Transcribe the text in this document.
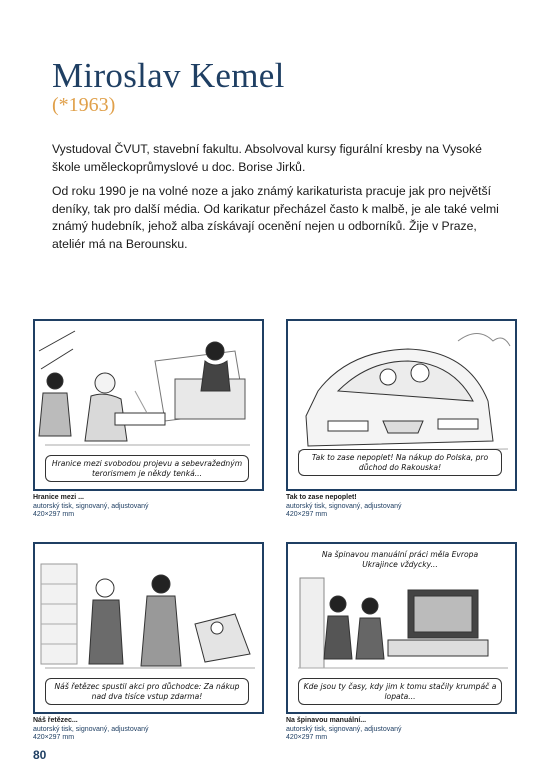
Miroslav Kemel
(*1963)

Vystudoval ČVUT, stavební fakultu. Absolvoval kursy figurální kresby na Vysoké škole uměleckoprůmyslové u doc. Borise Jirků.

Od roku 1990 je na volné noze a jako známý karikaturista pracuje jak pro největší deníky, tak pro další média. Od karikatur přecházel často k malbě, je ale také velmi známý hudebník, jehož alba získávají ocenění nejen u odborníků. Žije v Praze, ateliér má na Berounsku.

Hranice mezi svobodou projevu a sebevražedným terorismem je někdy tenká...
Hranice mezi ...
autorský tisk, signovaný, adjustovaný
420×297 mm
Tak to zase nepoplet! Na nákup do Polska, pro důchod do Rakouska!
Tak to zase nepoplet!
autorský tisk, signovaný, adjustovaný
420×297 mm
Náš řetězec spustil akci pro důchodce: Za nákup nad dva tisíce vstup zdarma!
Náš řetězec...
autorský tisk, signovaný, adjustovaný
420×297 mm
Na špinavou manuální práci měla Evropa Ukrajince vždycky...
Kde jsou ty časy, kdy jim k tomu stačily krumpáč a lopata...
Na špinavou manuální...
autorský tisk, signovaný, adjustovaný
420×297 mm
80
